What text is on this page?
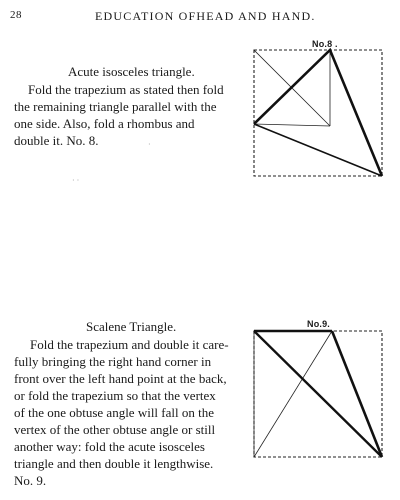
28	EDUCATION OFHEAD AND HAND.
Acute isosceles triangle.
Fold the trapezium as stated then fold
the remaining triangle parallel with the
one side. Also, fold a rhombus and
double it. No. 8.
No.8 .
·
· ·
Scalene Triangle.
Fold the trapezium and double it care-
fully bringing the right hand corner in
front over the left hand point at the back,
or fold the trapezium so that the vertex
of the one obtuse angle will fall on the
vertex of the other obtuse angle or still
another way: fold the acute isosceles
triangle and then double it lengthwise.
No. 9.
No.9.
